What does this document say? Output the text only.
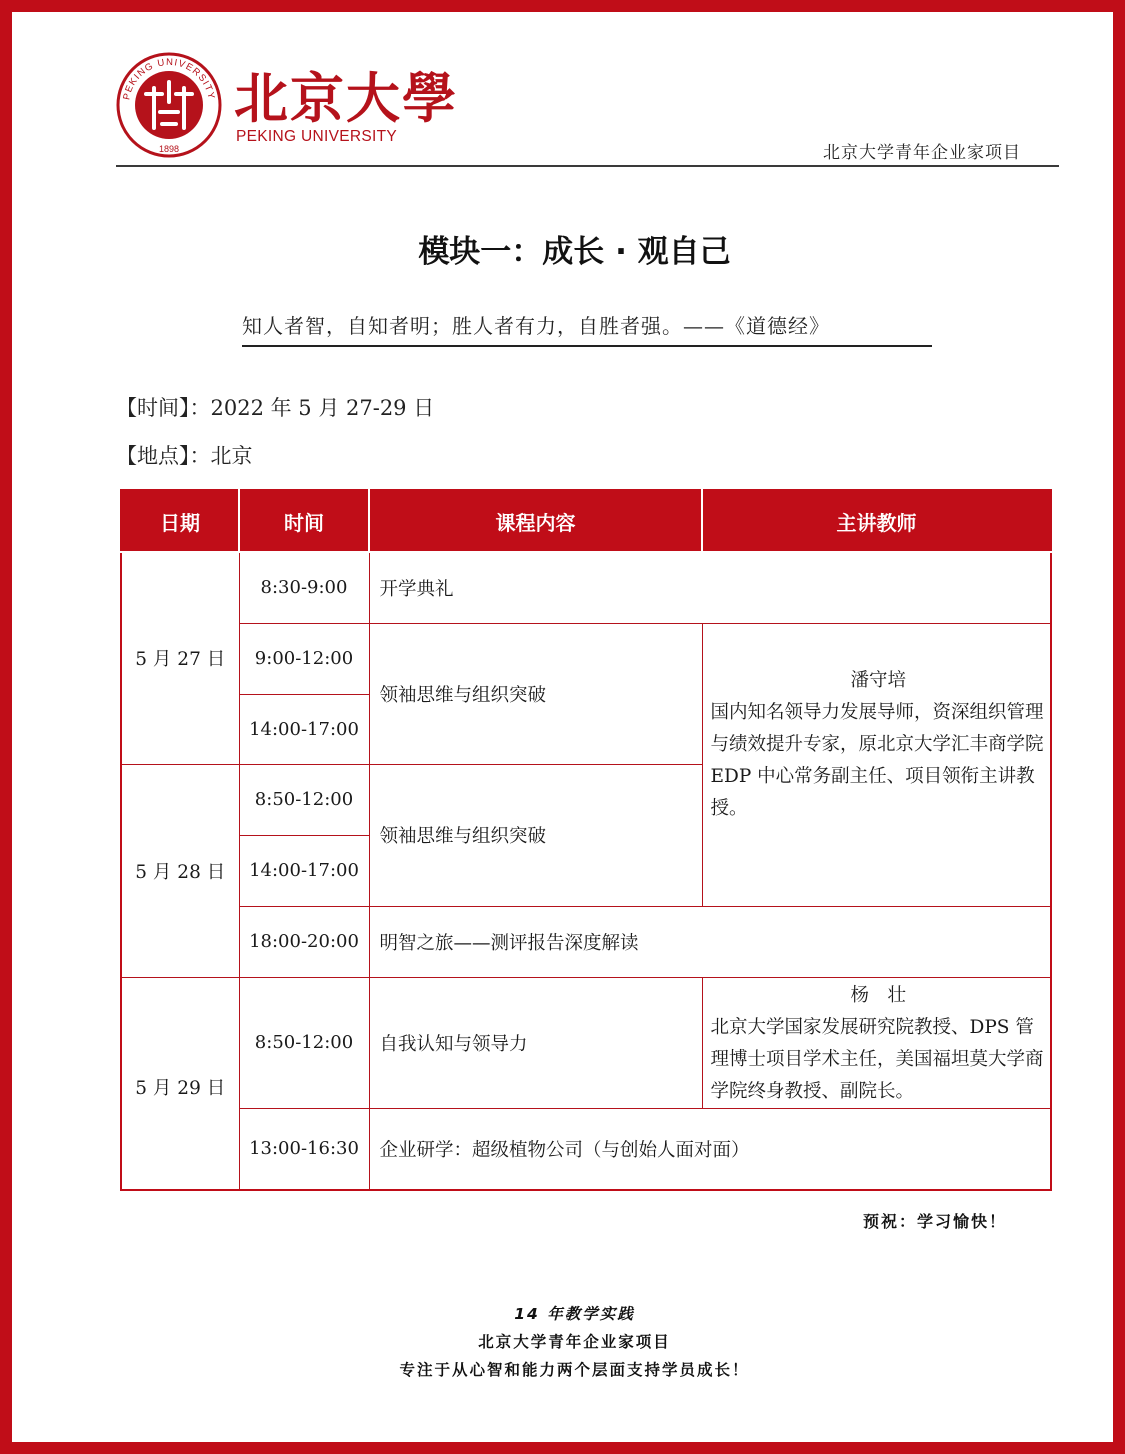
PEKING UNIVERSITY
1898
北京大學
PEKING UNIVERSITY
北京大学青年企业家项目
模块一：成长 · 观自己
知人者智，自知者明；胜人者有力，自胜者强。——《道德经》
【时间】：2022 年 5 月 27-29 日
【地点】：北京
日期	时间	课程内容	主讲教师
5 月 27 日	8:30-9:00	开学典礼	
	9:00-12:00	领袖思维与组织突破	潘守培
国内知名领导力发展导师，资深组织管理与绩效提升专家，原北京大学汇丰商学院 EDP 中心常务副主任、项目领衔主讲教授。

	14:00-17:00		
5 月 28 日	8:50-12:00	领袖思维与组织突破	
	14:00-17:00		
	18:00-20:00	明智之旅——测评报告深度解读	
5 月 29 日	8:50-12:00	自我认知与领导力	杨　壮
北京大学国家发展研究院教授、DPS 管理博士项目学术主任，美国福坦莫大学商学院终身教授、副院长。

	13:00-16:30	企业研学：超级植物公司（与创始人面对面）	
预祝：学习愉快！
14 年教学实践
北京大学青年企业家项目
专注于从心智和能力两个层面支持学员成长！
